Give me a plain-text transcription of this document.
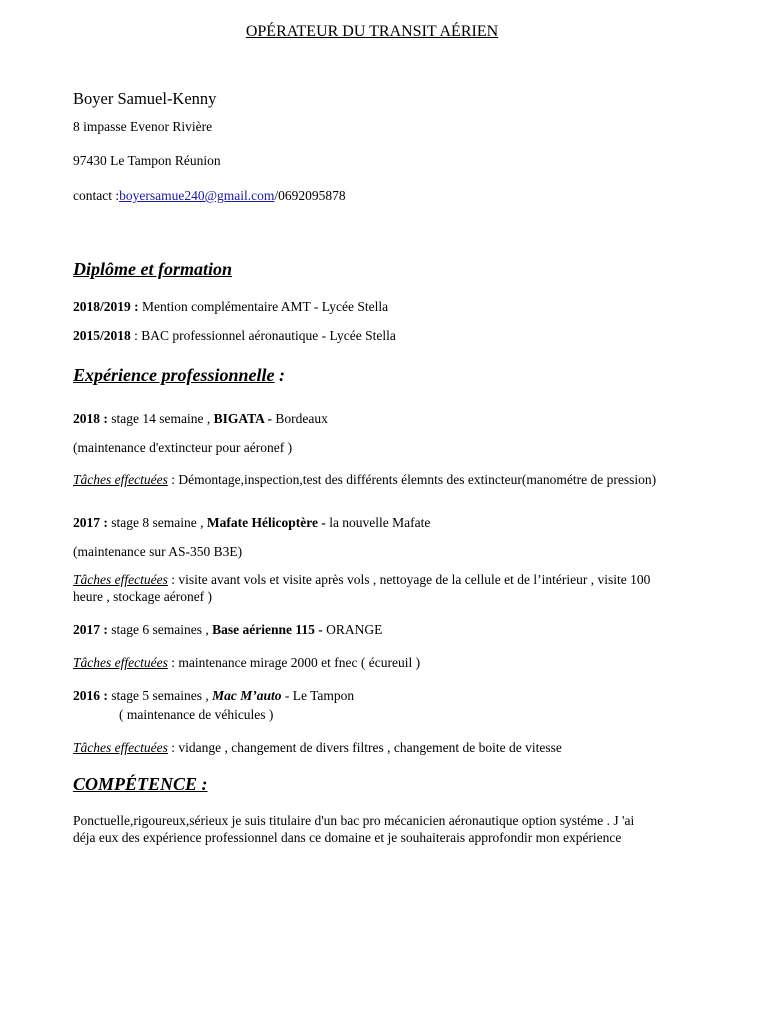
OPÉRATEUR DU TRANSIT AÉRIEN
Boyer Samuel-Kenny
8 impasse Evenor Rivière
97430 Le Tampon Réunion
contact :boyersamue240@gmail.com/0692095878
Diplôme et formation
2018/2019 : Mention complémentaire AMT - Lycée Stella
2015/2018 : BAC professionnel aéronautique - Lycée Stella
Expérience professionnelle :
2018 : stage 14 semaine , BIGATA - Bordeaux
(maintenance d'extincteur pour aéronef )
Tâches effectuées : Démontage,inspection,test des différents élemnts des extincteur(manométre de pression)
2017 : stage 8 semaine , Mafate Hélicoptère - la nouvelle Mafate
(maintenance sur AS-350 B3E)
Tâches effectuées : visite avant vols et visite après vols , nettoyage de la cellule et de l’intérieur , visite 100 heure , stockage aéronef )
2017 : stage 6 semaines , Base aérienne 115 - ORANGE
Tâches effectuées : maintenance mirage 2000 et fnec ( écureuil )
2016 : stage 5 semaines , Mac M’auto - Le Tampon
( maintenance de véhicules )
Tâches effectuées : vidange , changement de divers filtres , changement de boite de vitesse
COMPÉTENCE :
Ponctuelle,rigoureux,sérieux je suis titulaire d'un bac pro mécanicien aéronautique option systéme . J 'ai déja eux des expérience professionnel dans ce domaine et je souhaiterais approfondir mon expérience
